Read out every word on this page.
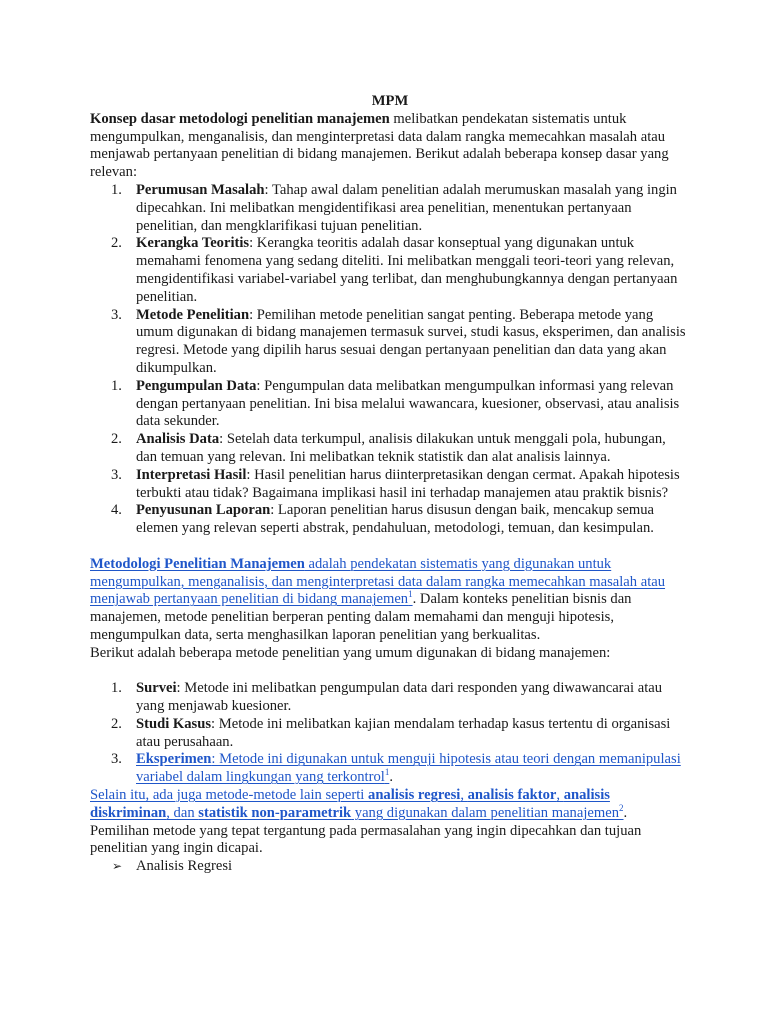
MPM

Konsep dasar metodologi penelitian manajemen melibatkan pendekatan sistematis untuk mengumpulkan, menganalisis, dan menginterpretasi data dalam rangka memecahkan masalah atau menjawab pertanyaan penelitian di bidang manajemen. Berikut adalah beberapa konsep dasar yang relevan:

1. Perumusan Masalah: Tahap awal dalam penelitian adalah merumuskan masalah yang ingin dipecahkan. Ini melibatkan mengidentifikasi area penelitian, menentukan pertanyaan penelitian, dan mengklarifikasi tujuan penelitian.
2. Kerangka Teoritis: Kerangka teoritis adalah dasar konseptual yang digunakan untuk memahami fenomena yang sedang diteliti. Ini melibatkan menggali teori-teori yang relevan, mengidentifikasi variabel-variabel yang terlibat, dan menghubungkannya dengan pertanyaan penelitian.
3. Metode Penelitian: Pemilihan metode penelitian sangat penting. Beberapa metode yang umum digunakan di bidang manajemen termasuk survei, studi kasus, eksperimen, dan analisis regresi. Metode yang dipilih harus sesuai dengan pertanyaan penelitian dan data yang akan dikumpulkan.
1. Pengumpulan Data: Pengumpulan data melibatkan mengumpulkan informasi yang relevan dengan pertanyaan penelitian. Ini bisa melalui wawancara, kuesioner, observasi, atau analisis data sekunder.
2. Analisis Data: Setelah data terkumpul, analisis dilakukan untuk menggali pola, hubungan, dan temuan yang relevan. Ini melibatkan teknik statistik dan alat analisis lainnya.
3. Interpretasi Hasil: Hasil penelitian harus diinterpretasikan dengan cermat. Apakah hipotesis terbukti atau tidak? Bagaimana implikasi hasil ini terhadap manajemen atau praktik bisnis?
4. Penyusunan Laporan: Laporan penelitian harus disusun dengan baik, mencakup semua elemen yang relevan seperti abstrak, pendahuluan, metodologi, temuan, dan kesimpulan.

Metodologi Penelitian Manajemen adalah pendekatan sistematis yang digunakan untuk mengumpulkan, menganalisis, dan menginterpretasi data dalam rangka memecahkan masalah atau menjawab pertanyaan penelitian di bidang manajemen$^1$. Dalam konteks penelitian bisnis dan manajemen, metode penelitian berperan penting dalam memahami dan menguji hipotesis, mengumpulkan data, serta menghasilkan laporan penelitian yang berkualitas.

Berikut adalah beberapa metode penelitian yang umum digunakan di bidang manajemen:

1. Survei: Metode ini melibatkan pengumpulan data dari responden yang diwawancarai atau yang menjawab kuesioner.
2. Studi Kasus: Metode ini melibatkan kajian mendalam terhadap kasus tertentu di organisasi atau perusahaan.
3. Eksperimen: Metode ini digunakan untuk menguji hipotesis atau teori dengan memanipulasi variabel dalam lingkungan yang terkontrol$^1$.

Selain itu, ada juga metode-metode lain seperti analisis regresi, analisis faktor, analisis diskriminan, dan statistik non-parametrik yang digunakan dalam penelitian manajemen$^2$.

Pemilihan metode yang tepat tergantung pada permasalahan yang ingin dipecahkan dan tujuan penelitian yang ingin dicapai.

➢ Analisis Regresi
